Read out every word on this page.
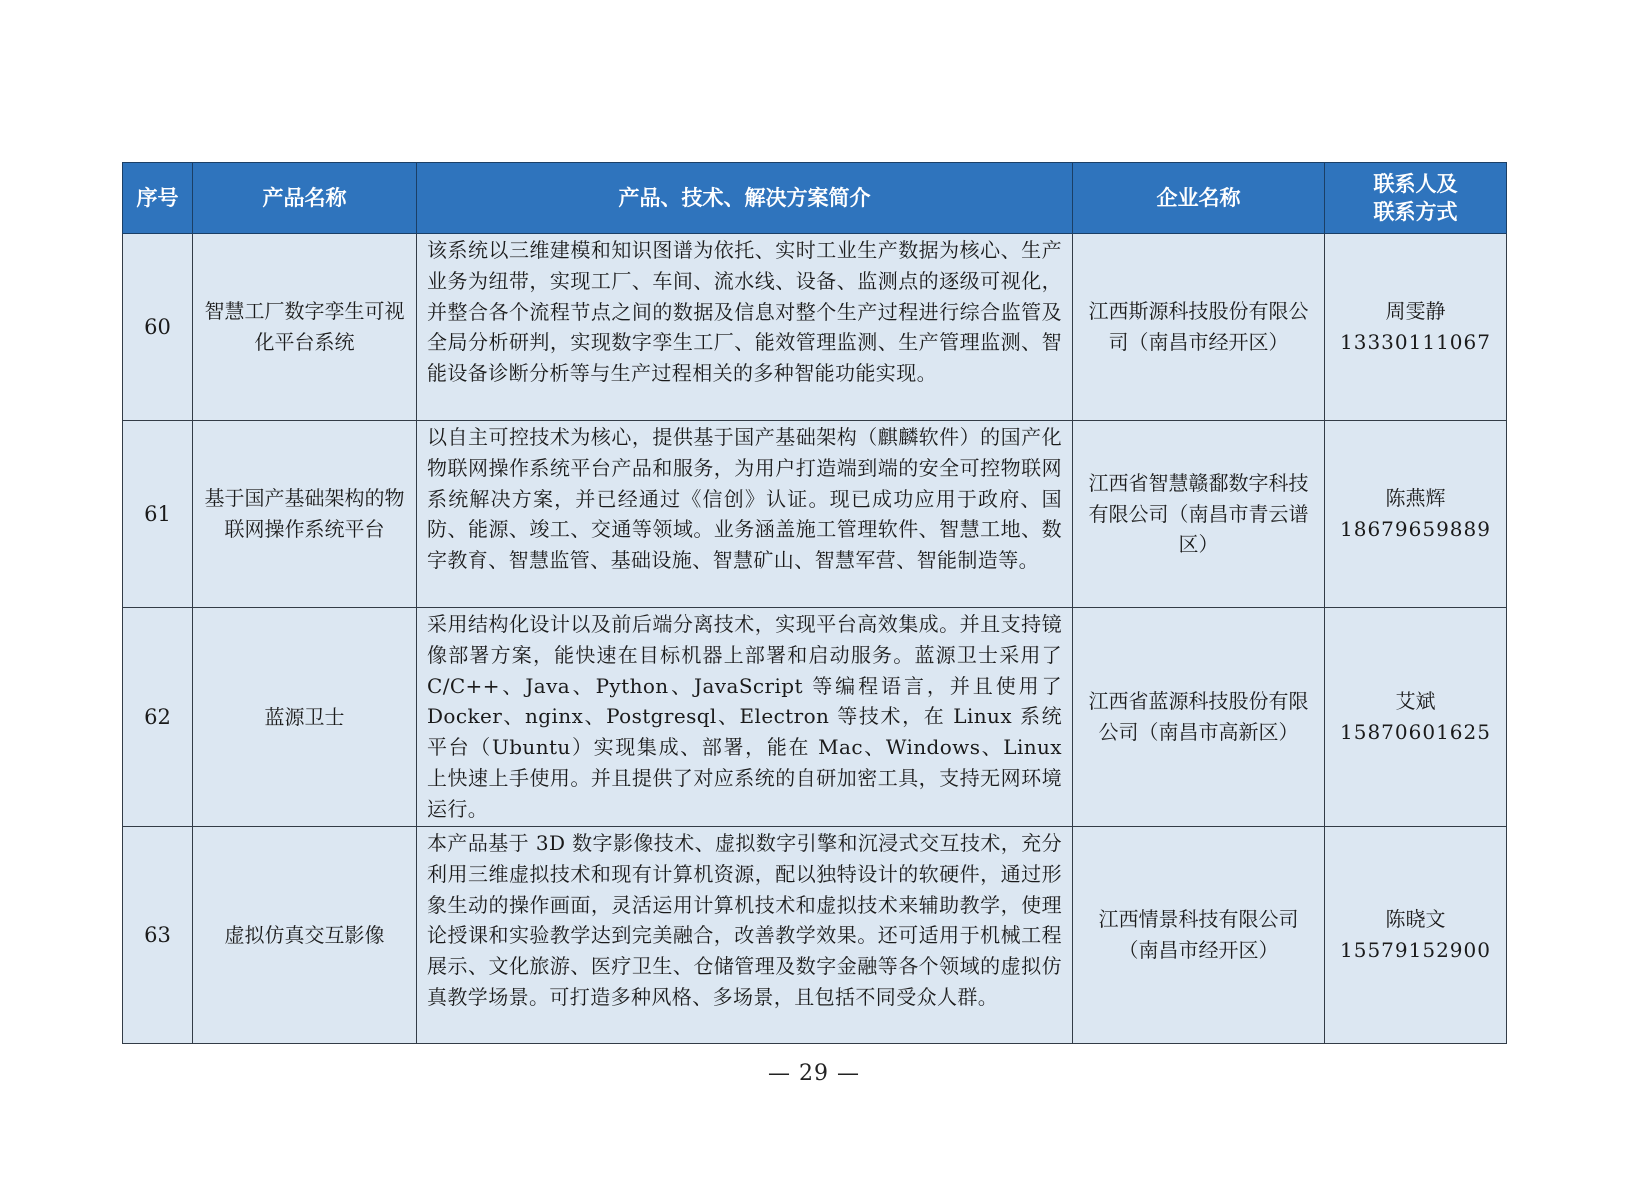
序号	产品名称	产品、技术、解决方案简介	企业名称	联系人及
联系方式
60	智慧工厂数字孪生可视化平台系统	该系统以三维建模和知识图谱为依托、实时工业生产数据为核心、生产业务为纽带，实现工厂、车间、流水线、设备、监测点的逐级可视化，并整合各个流程节点之间的数据及信息对整个生产过程进行综合监管及全局分析研判，实现数字孪生工厂、能效管理监测、生产管理监测、智能设备诊断分析等与生产过程相关的多种智能功能实现。	江西斯源科技股份有限公司（南昌市经开区）	周雯静
13330111067

61	基于国产基础架构的物联网操作系统平台	以自主可控技术为核心，提供基于国产基础架构（麒麟软件）的国产化物联网操作系统平台产品和服务，为用户打造端到端的安全可控物联网系统解决方案，并已经通过《信创》认证。现已成功应用于政府、国防、能源、竣工、交通等领域。业务涵盖施工管理软件、智慧工地、数字教育、智慧监管、基础设施、智慧矿山、智慧军营、智能制造等。	江西省智慧赣鄱数字科技有限公司（南昌市青云谱区）	陈燕辉
18679659889

62	蓝源卫士	采用结构化设计以及前后端分离技术，实现平台高效集成。并且支持镜像部署方案，能快速在目标机器上部署和启动服务。蓝源卫士采用了 C/C++、Java、Python、JavaScript 等编程语言，并且使用了 Docker、nginx、Postgresql、Electron 等技术，在 Linux 系统平台（Ubuntu）实现集成、部署，能在 Mac、Windows、Linux 上快速上手使用。并且提供了对应系统的自研加密工具，支持无网环境运行。	江西省蓝源科技股份有限公司（南昌市高新区）	艾斌
15870601625

63	虚拟仿真交互影像	本产品基于 3D 数字影像技术、虚拟数字引擎和沉浸式交互技术，充分利用三维虚拟技术和现有计算机资源，配以独特设计的软硬件，通过形象生动的操作画面，灵活运用计算机技术和虚拟技术来辅助教学，使理论授课和实验教学达到完美融合，改善教学效果。还可适用于机械工程展示、文化旅游、医疗卫生、仓储管理及数字金融等各个领域的虚拟仿真教学场景。可打造多种风格、多场景，且包括不同受众人群。	江西情景科技有限公司（南昌市经开区）	陈晓文
15579152900
— 29 —
